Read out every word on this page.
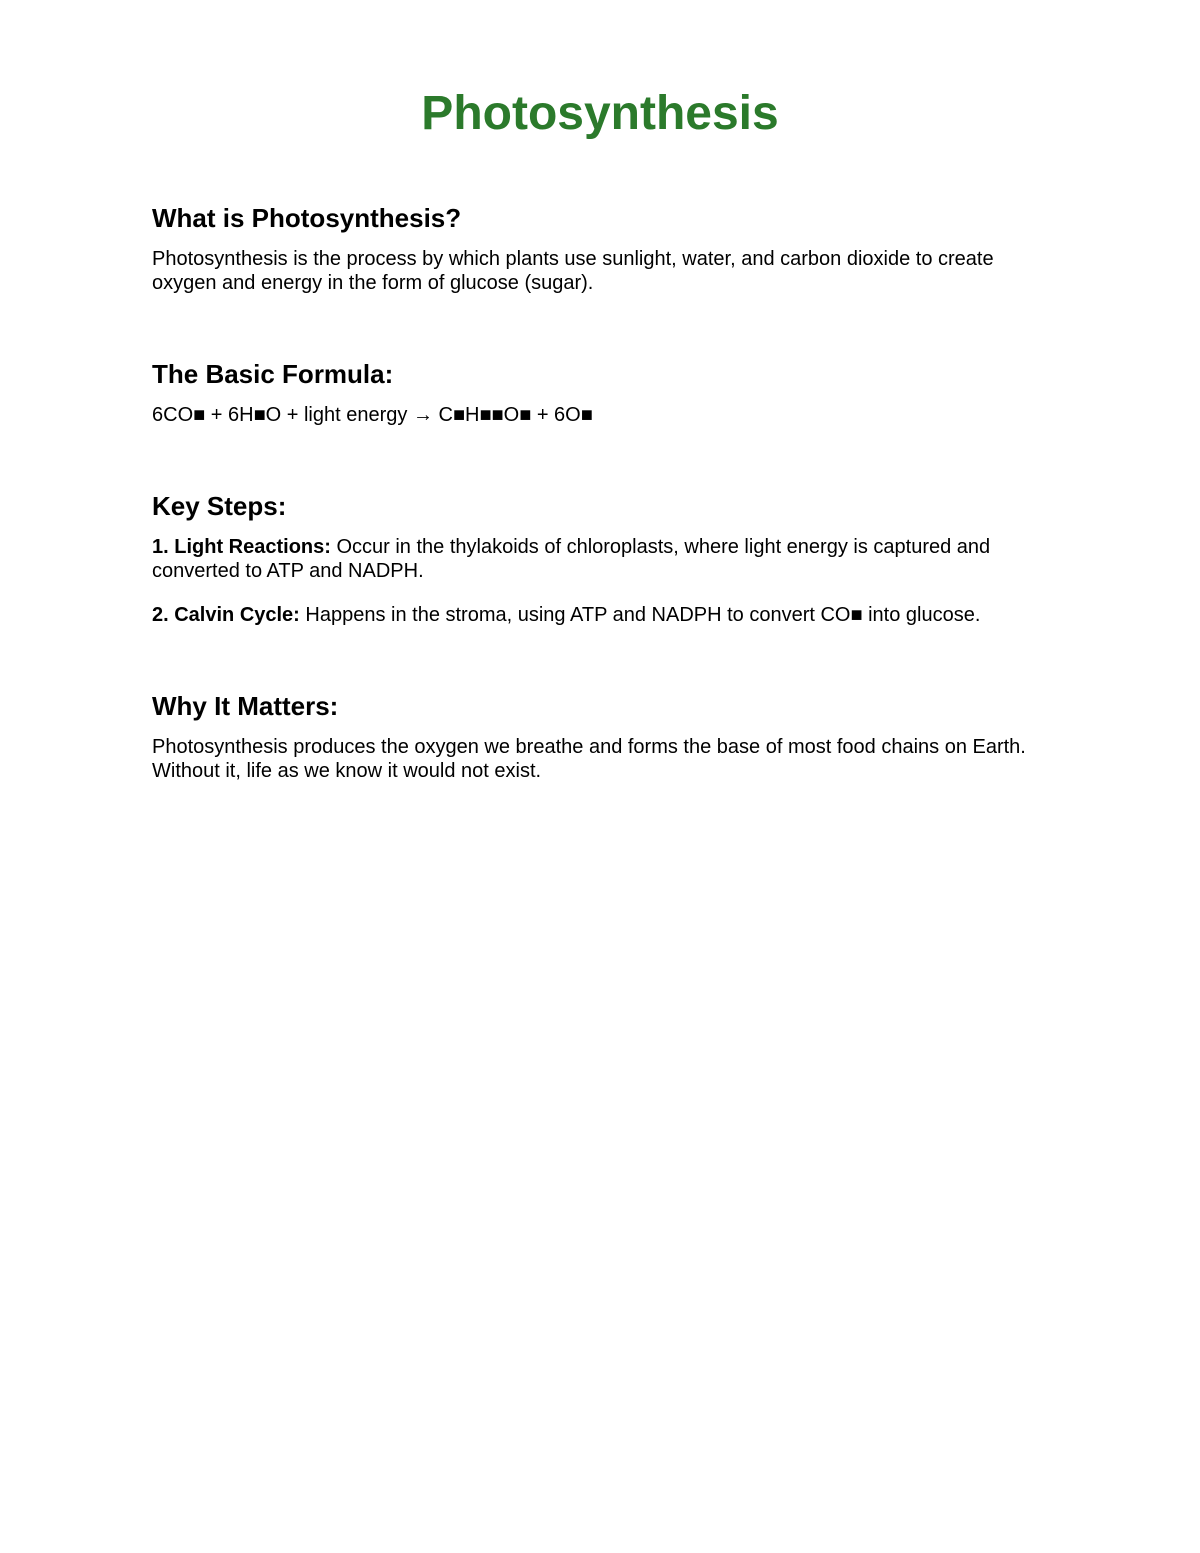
Photosynthesis
What is Photosynthesis?

Photosynthesis is the process by which plants use sunlight, water, and carbon dioxide to create oxygen and energy in the form of glucose (sugar).

The Basic Formula:

6CO■ + 6H■O + light energy → C■H■■O■ + 6O■

Key Steps:

1. Light Reactions: Occur in the thylakoids of chloroplasts, where light energy is captured and converted to ATP and NADPH.

2. Calvin Cycle: Happens in the stroma, using ATP and NADPH to convert CO■ into glucose.

Why It Matters:

Photosynthesis produces the oxygen we breathe and forms the base of most food chains on Earth. Without it, life as we know it would not exist.
